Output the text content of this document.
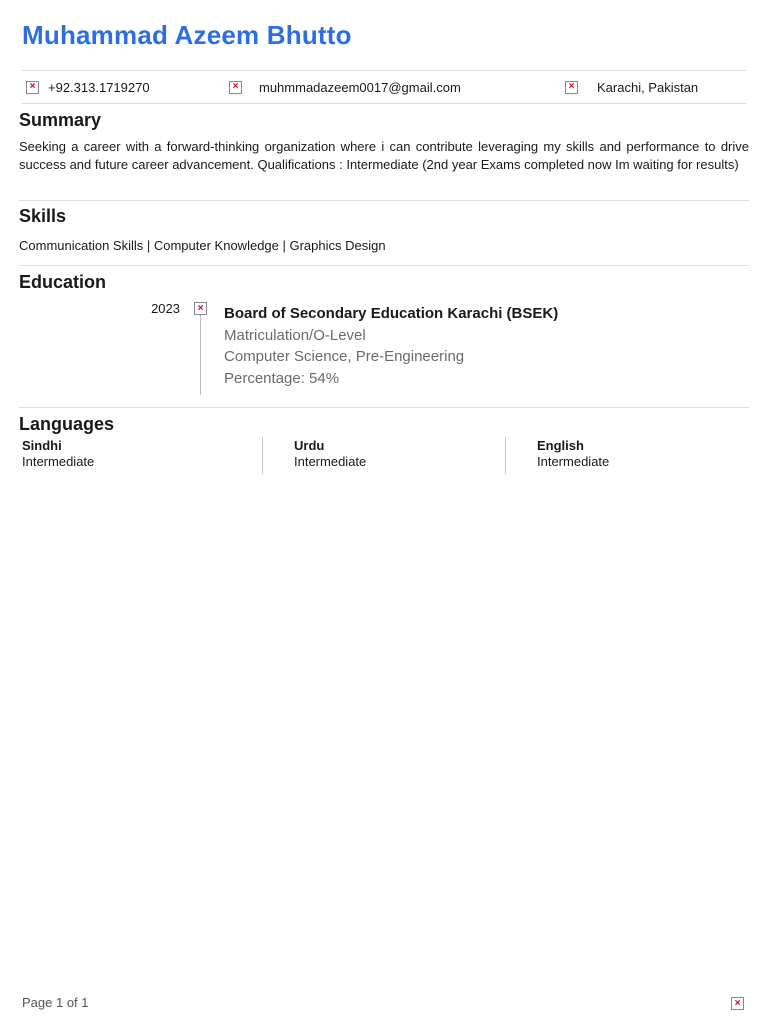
Muhammad Azeem Bhutto
× +92.313.1719270	× muhmmadazeem0017@gmail.com	× Karachi, Pakistan
Summary
Seeking a career with a forward-thinking organization where i can contribute leveraging my skills and performance to drive success and future career advancement. Qualifications : Intermediate (2nd year Exams completed now Im waiting for results)
Skills
Communication Skills | Computer Knowledge | Graphics Design
Education
2023	× Board of Secondary Education Karachi (BSEK)
Matriculation/O-Level
Computer Science, Pre-Engineering
Percentage: 54%
Languages
Sindhi
Intermediate
Urdu
Intermediate
English
Intermediate
Page 1 of 1	×
